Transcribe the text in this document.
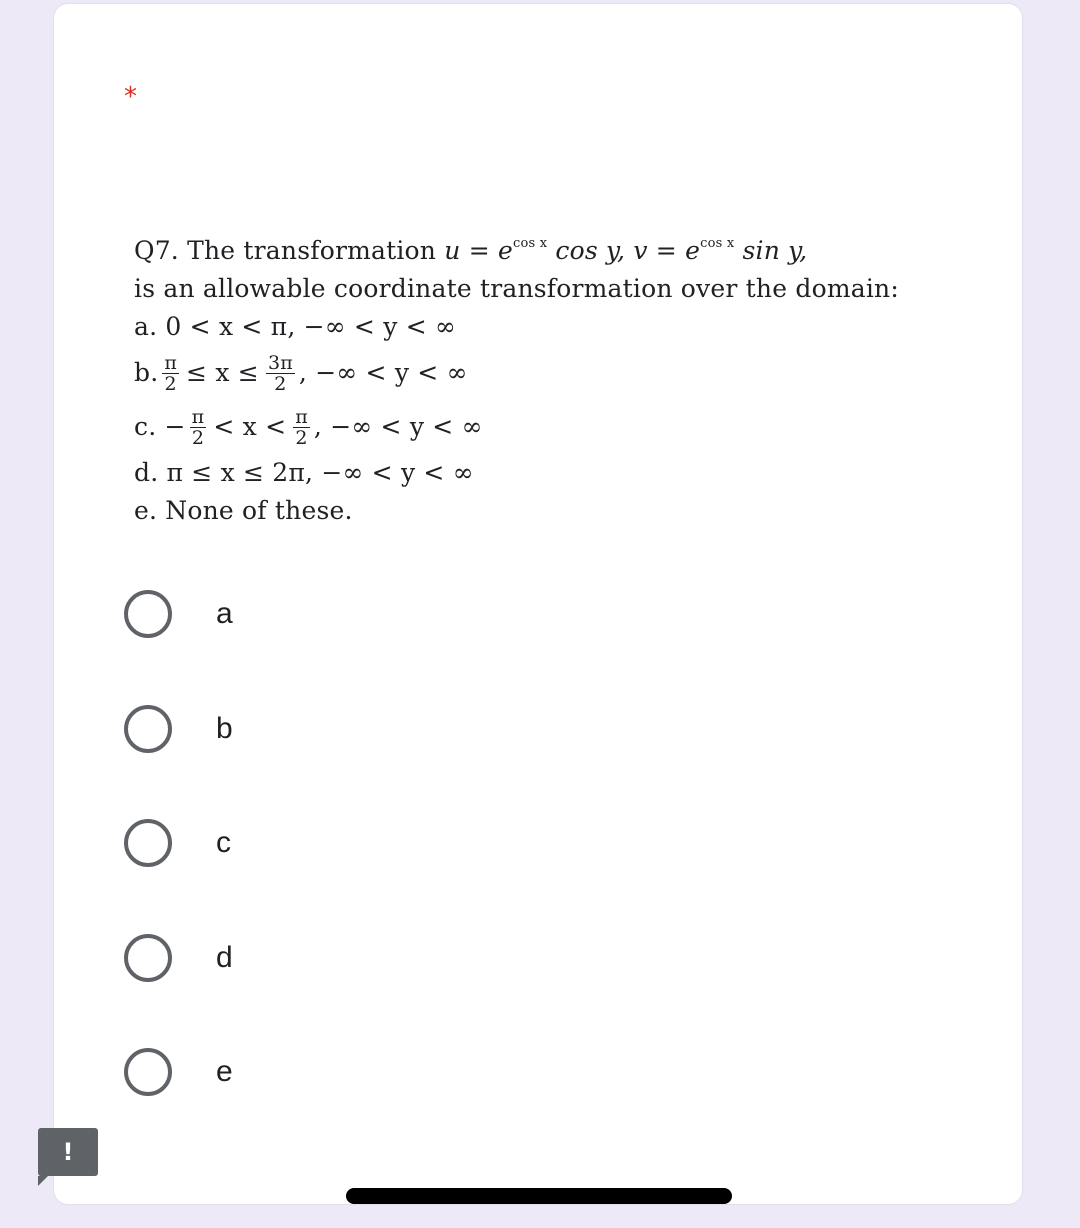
*
Q7. The transformation $u = e^{cos x}$ cos y, $v = e^{cos x}$ sin y,
is an allowable coordinate transformation over the domain:
a. 0 < x < π, −∞ < y < ∞
b. $\frac{\pi}{2} \le x \le \frac{3\pi}{2}$ , −∞ < y < ∞
c. − $\frac{\pi}{2} < x < \frac{\pi}{2}$ , −∞ < y < ∞
d. π ≤ x ≤ 2π, −∞ < y < ∞
e. None of these.
a
b
c
d
e
!
